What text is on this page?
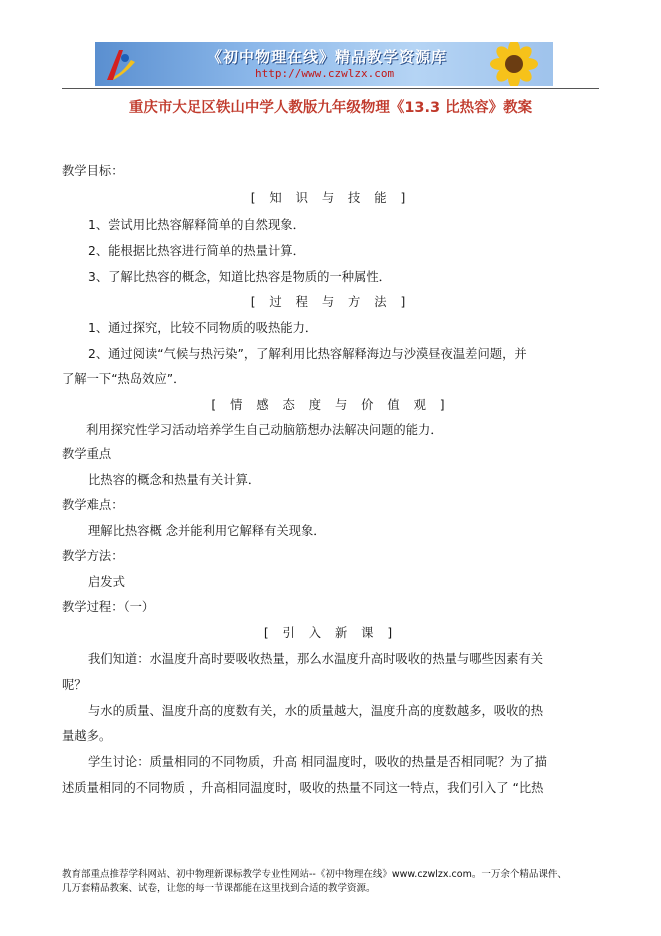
《初中物理在线》精品教学资源库
http://www.czwlzx.com
重庆市大足区铁山中学人教版九年级物理《13.3 比热容》教案
教学目标：
[ 知 识 与 技 能 ]
1、尝试用比热容解释简单的自然现象．
2、能根据比热容进行简单的热量计算．
3、了解比热容的概念，知道比热容是物质的一种属性．
[ 过 程 与 方 法 ]
1、通过探究，比较不同物质的吸热能力．
2、通过阅读“气候与热污染”，了解利用比热容解释海边与沙漠昼夜温差问题，并
了解一下“热岛效应”．
[ 情 感 态 度 与 价 值 观 ]
利用探究性学习活动培养学生自己动脑筋想办法解决问题的能力．
教学重点
比热容的概念和热量有关计算．
教学难点：
理解比热容概 念并能利用它解释有关现象．
教学方法：
启发式
教学过程：（一）
[ 引 入 新 课 ]
我们知道：水温度升高时要吸收热量，那么水温度升高时吸收的热量与哪些因素有关
呢？
与水的质量、温度升高的度数有关，水的质量越大，温度升高的度数越多，吸收的热
量越多。
学生讨论：质量相同的不同物质，升高 相同温度时，吸收的热量是否相同呢？为了描
述质量相同的不同物质 ，升高相同温度时，吸收的热量不同这一特点，我们引入了 “比热
教育部重点推荐学科网站、初中物理新课标教学专业性网站--《初中物理在线》www.czwlzx.com。一万余个精品课件、
几万套精品教案、试卷，让您的每一节课都能在这里找到合适的教学资源。
